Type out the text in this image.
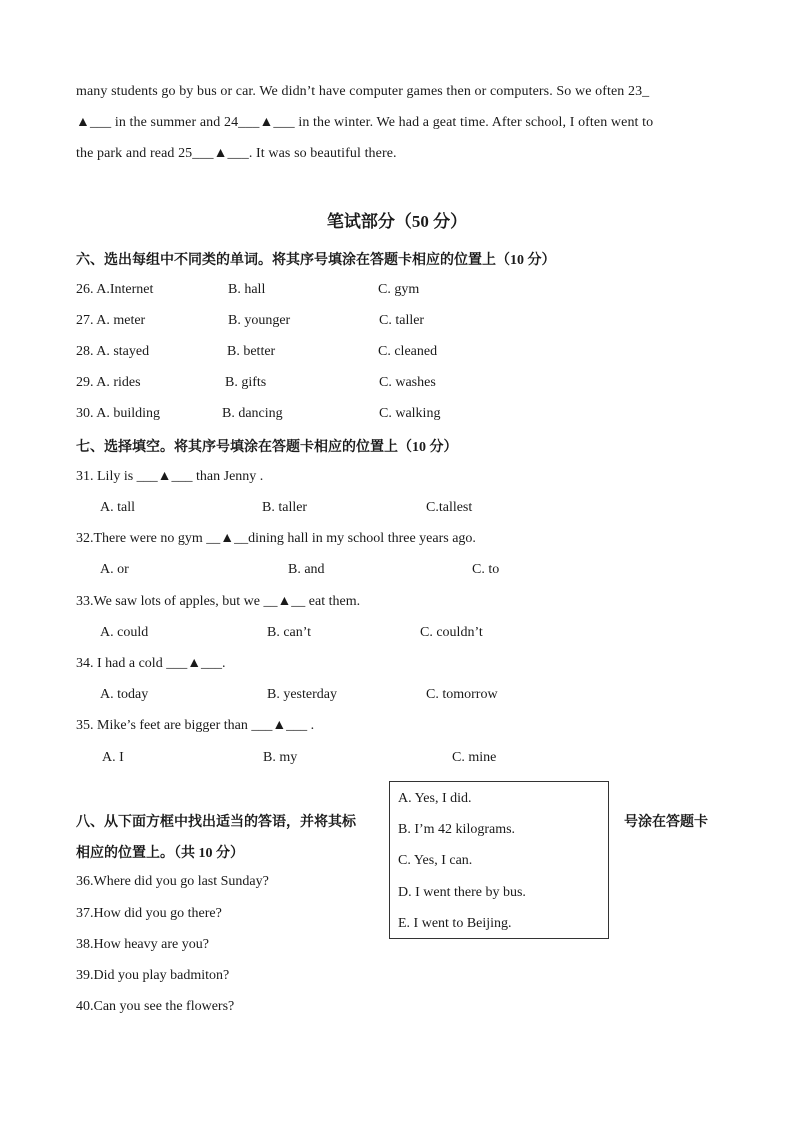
many students go by bus or car. We didn’t have computer games then or computers. So we often 23_
▲___ in the summer and 24___▲___ in the winter. We had a geat time. After school, I often went to
the park and read 25___▲___. It was so beautiful there.
笔试部分（50 分）
六、选出每组中不同类的单词。将其序号填涂在答题卡相应的位置上（10 分）
26. A.Internet	B. hall	C. gym
27. A. meter	B. younger	C. taller
28. A. stayed	B. better	C. cleaned
29. A. rides	B. gifts	C. washes
30. A. building	B. dancing	C. walking
七、选择填空。将其序号填涂在答题卡相应的位置上（10 分）
31. Lily is ___▲___ than Jenny .
A. tall	B. taller	C.tallest
32.There were no gym __▲__dining hall in my school three years ago.
A. or	B. and	C. to
33.We saw lots of apples, but we __▲__ eat them.
A. could	B. can’t	C. couldn’t
34. I had a cold ___▲___.
A. today	B. yesterday	C. tomorrow
35. Mike’s feet are bigger than ___▲___ .
A. I	B. my	C. mine
八、从下面方框中找出适当的答语，并将其标	号涂在答题卡
相应的位置上。（共 10 分）
36.Where did you go last Sunday?
37.How did you go there?
38.How heavy are you?
39.Did you play badmiton?
40.Can you see the flowers?
A. Yes, I did.
B. I’m 42 kilograms.
C. Yes, I can.
D. I went there by bus.
E. I went to Beijing.
